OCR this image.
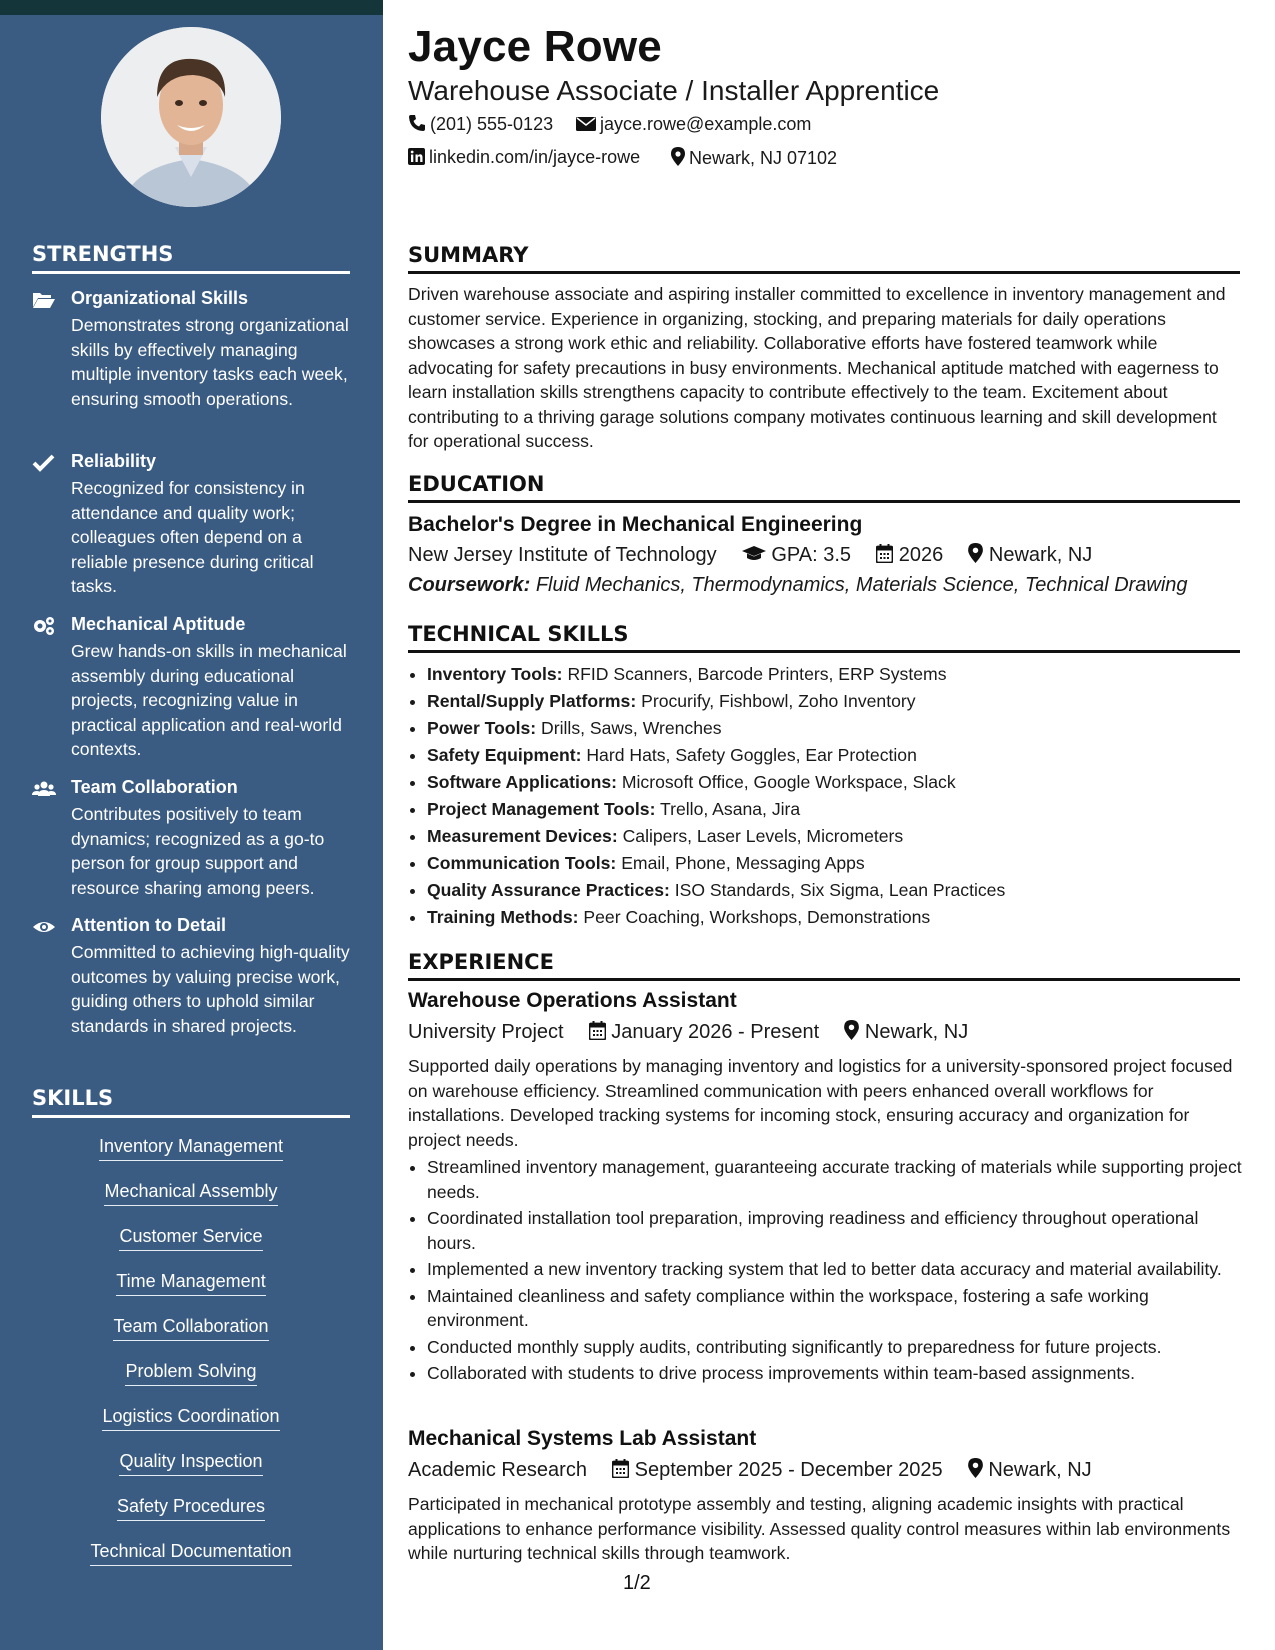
STRENGTHS
Organizational Skills
Demonstrates strong organizational skills by effectively managing multiple inventory tasks each week, ensuring smooth operations.
Reliability
Recognized for consistency in attendance and quality work; colleagues often depend on a reliable presence during critical tasks.
Mechanical Aptitude
Grew hands-on skills in mechanical assembly during educational projects, recognizing value in practical application and real-world contexts.
Team Collaboration
Contributes positively to team dynamics; recognized as a go-to person for group support and resource sharing among peers.
Attention to Detail
Committed to achieving high-quality outcomes by valuing precise work, guiding others to uphold similar standards in shared projects.
SKILLS
Inventory Management
Mechanical Assembly
Customer Service
Time Management
Team Collaboration
Problem Solving
Logistics Coordination
Quality Inspection
Safety Procedures
Technical Documentation
Jayce Rowe
Warehouse Associate / Installer Apprentice
(201) 555-0123	jayce.rowe@example.com
linkedin.com/in/jayce-rowe	Newark, NJ 07102
SUMMARY
Driven warehouse associate and aspiring installer committed to excellence in inventory management and customer service. Experience in organizing, stocking, and preparing materials for daily operations showcases a strong work ethic and reliability. Collaborative efforts have fostered teamwork while advocating for safety precautions in busy environments. Mechanical aptitude matched with eagerness to learn installation skills strengthens capacity to contribute effectively to the team. Excitement about contributing to a thriving garage solutions company motivates continuous learning and skill development for operational success.
EDUCATION
Bachelor's Degree in Mechanical Engineering
New Jersey Institute of Technology	GPA: 3.5 2026 Newark, NJ
Coursework: Fluid Mechanics, Thermodynamics, Materials Science, Technical Drawing
TECHNICAL SKILLS
• Inventory Tools: RFID Scanners, Barcode Printers, ERP Systems
• Rental/Supply Platforms: Procurify, Fishbowl, Zoho Inventory
• Power Tools: Drills, Saws, Wrenches
• Safety Equipment: Hard Hats, Safety Goggles, Ear Protection
• Software Applications: Microsoft Office, Google Workspace, Slack
• Project Management Tools: Trello, Asana, Jira
• Measurement Devices: Calipers, Laser Levels, Micrometers
• Communication Tools: Email, Phone, Messaging Apps
• Quality Assurance Practices: ISO Standards, Six Sigma, Lean Practices
• Training Methods: Peer Coaching, Workshops, Demonstrations
EXPERIENCE
Warehouse Operations Assistant
University Project January 2026 - Present Newark, NJ
Supported daily operations by managing inventory and logistics for a university-sponsored project focused on warehouse efficiency. Streamlined communication with peers enhanced overall workflows for installations. Developed tracking systems for incoming stock, ensuring accuracy and organization for project needs.
• Streamlined inventory management, guaranteeing accurate tracking of materials while supporting project needs.
• Coordinated installation tool preparation, improving readiness and efficiency throughout operational hours.
• Implemented a new inventory tracking system that led to better data accuracy and material availability.
• Maintained cleanliness and safety compliance within the workspace, fostering a safe working environment.
• Conducted monthly supply audits, contributing significantly to preparedness for future projects.
• Collaborated with students to drive process improvements within team-based assignments.
Mechanical Systems Lab Assistant
Academic Research September 2025 - December 2025 Newark, NJ
Participated in mechanical prototype assembly and testing, aligning academic insights with practical applications to enhance performance visibility. Assessed quality control measures within lab environments while nurturing technical skills through teamwork.
1/2
